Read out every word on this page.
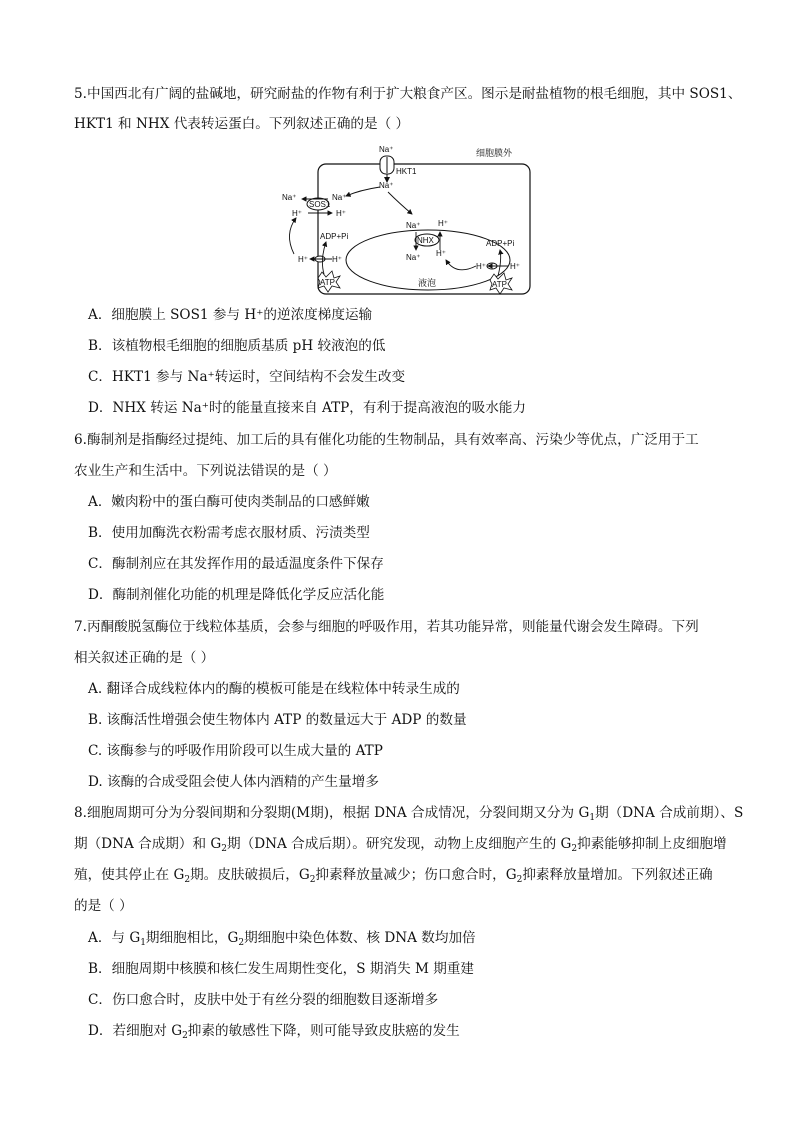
5.中国西北有广阔的盐碱地，研究耐盐的作物有利于扩大粮食产区。图示是耐盐植物的根毛细胞，其中 SOS1、
HKT1 和 NHX 代表转运蛋白。下列叙述正确的是（ ）
细胞膜外
Na⁺
HKT1
Na⁺
SOS1
Na⁺	Na⁺
H⁺	H⁺
ADP+Pi
H⁺	H⁺
ATP	液泡
NHX
Na⁺ H⁺
Na⁺ H⁺
H⁺	H⁺
ADP+Pi
ATP
A．细胞膜上 SOS1 参与 H⁺的逆浓度梯度运输
B．该植物根毛细胞的细胞质基质 pH 较液泡的低
C．HKT1 参与 Na⁺转运时，空间结构不会发生改变
D．NHX 转运 Na⁺时的能量直接来自 ATP，有利于提高液泡的吸水能力
6.酶制剂是指酶经过提纯、加工后的具有催化功能的生物制品，具有效率高、污染少等优点，广泛用于工
农业生产和生活中。下列说法错误的是（ ）
A．嫩肉粉中的蛋白酶可使肉类制品的口感鲜嫩
B．使用加酶洗衣粉需考虑衣服材质、污渍类型
C．酶制剂应在其发挥作用的最适温度条件下保存
D．酶制剂催化功能的机理是降低化学反应活化能
7.丙酮酸脱氢酶位于线粒体基质，会参与细胞的呼吸作用，若其功能异常，则能量代谢会发生障碍。下列
相关叙述正确的是（ ）
A. 翻译合成线粒体内的酶的模板可能是在线粒体中转录生成的
B. 该酶活性增强会使生物体内 ATP 的数量远大于 ADP 的数量
C. 该酶参与的呼吸作用阶段可以生成大量的 ATP
D. 该酶的合成受阻会使人体内酒精的产生量增多
8.细胞周期可分为分裂间期和分裂期(M期)，根据 DNA 合成情况，分裂间期又分为 $G_1$期（DNA 合成前期）、S
期（DNA 合成期）和 $G_2$期（DNA 合成后期）。研究发现，动物上皮细胞产生的 $G_2$抑素能够抑制上皮细胞增
殖，使其停止在 $G_2$期。皮肤破损后，$G_2$抑素释放量减少；伤口愈合时，$G_2$抑素释放量增加。下列叙述正确
的是（ ）
A．与 $G_1$期细胞相比，$G_2$期细胞中染色体数、核 DNA 数均加倍
B．细胞周期中核膜和核仁发生周期性变化，S 期消失 M 期重建
C．伤口愈合时，皮肤中处于有丝分裂的细胞数目逐渐增多
D．若细胞对 $G_2$抑素的敏感性下降，则可能导致皮肤癌的发生
